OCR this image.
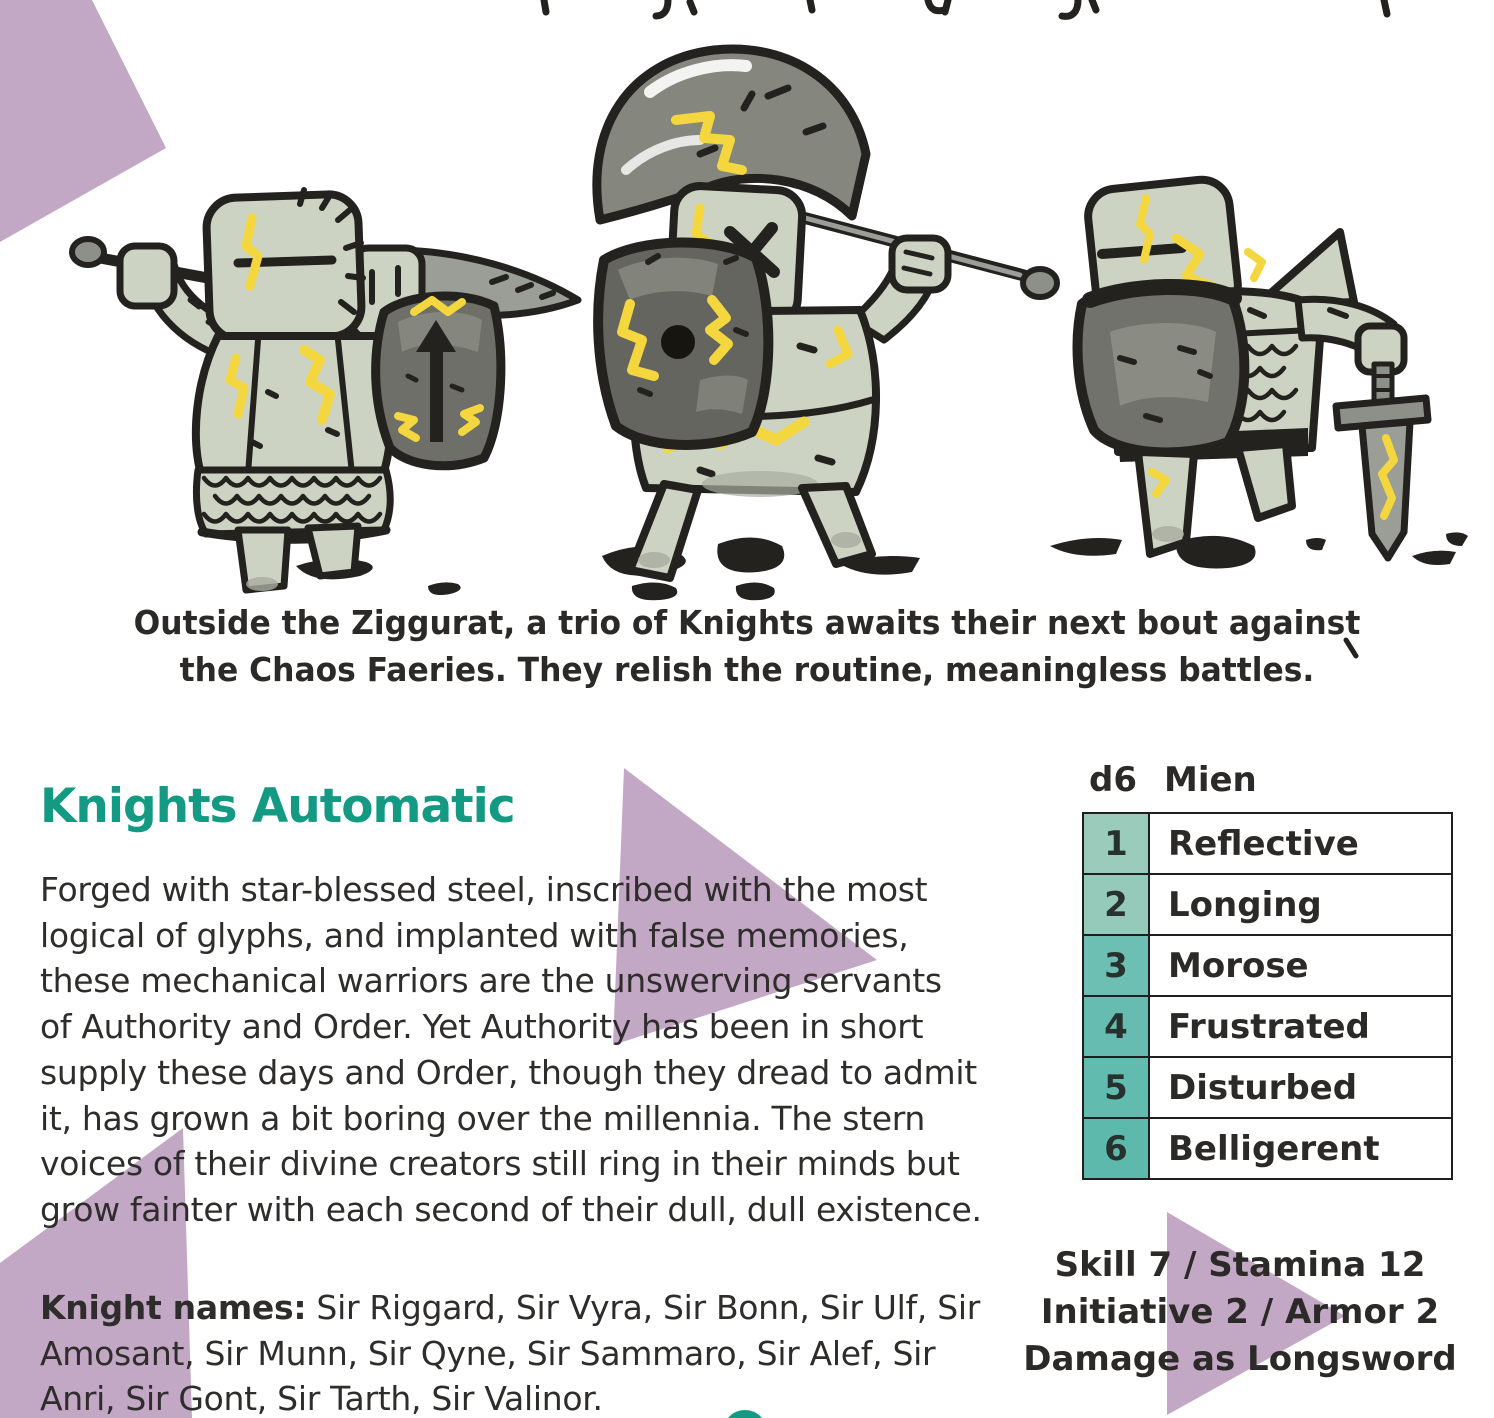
Outside the Ziggurat, a trio of Knights awaits their next bout against
the Chaos Faeries. They relish the routine, meaningless battles.
Knights Automatic

Forged with star-blessed steel, inscribed with the most logical of glyphs, and implanted with false memories, these mechanical warriors are the unswerving servants of Authority and Order. Yet Authority has been in short supply these days and Order, though they dread to admit it, has grown a bit boring over the millennia. The stern voices of their divine creators still ring in their minds but grow fainter with each second of their dull, dull existence.

Knight names: Sir Riggard, Sir Vyra, Sir Bonn, Sir Ulf, Sir Amosant, Sir Munn, Sir Qyne, Sir Sammaro, Sir Alef, Sir Anri, Sir Gont, Sir Tarth, Sir Valinor.

d6 Mien
1	Reflective
2	Longing
3	Morose
4	Frustrated
5	Disturbed
6	Belligerent
Skill 7 / Stamina 12
Initiative 2 / Armor 2
Damage as Longsword
